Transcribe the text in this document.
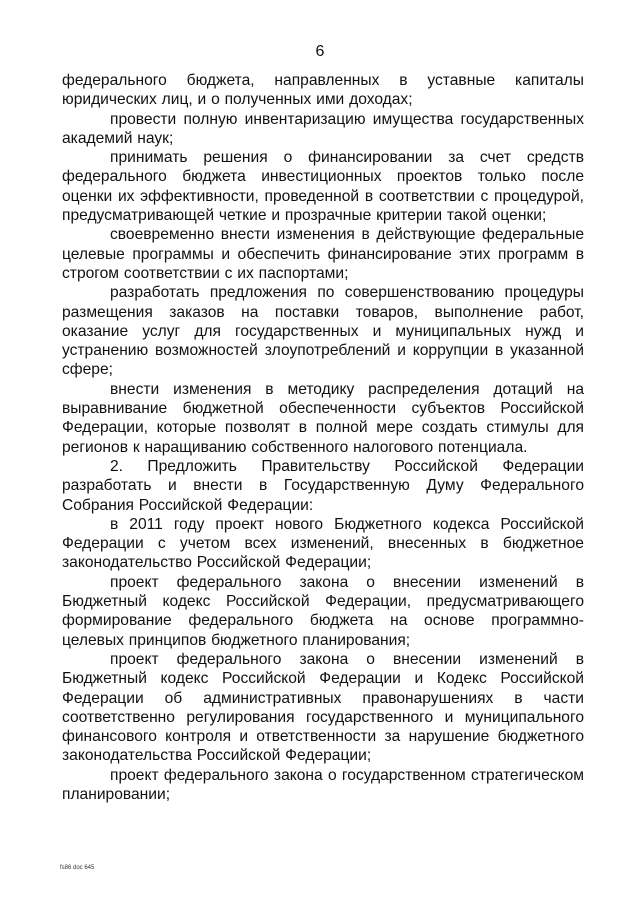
6

федерального бюджета, направленных в уставные капиталы юридических лиц, и о полученных ими доходах;

провести полную инвентаризацию имущества государственных академий наук;

принимать решения о финансировании за счет средств федерального бюджета инвестиционных проектов только после оценки их эффективности, проведенной в соответствии с процедурой, предусматривающей четкие и прозрачные критерии такой оценки;

своевременно внести изменения в действующие федеральные целевые программы и обеспечить финансирование этих программ в строгом соответствии с их паспортами;

разработать предложения по совершенствованию процедуры размещения заказов на поставки товаров, выполнение работ, оказание услуг для государственных и муниципальных нужд и устранению возможностей злоупотреблений и коррупции в указанной сфере;

внести изменения в методику распределения дотаций на выравнивание бюджетной обеспеченности субъектов Российской Федерации, которые позволят в полной мере создать стимулы для регионов к наращиванию собственного налогового потенциала.

2. Предложить Правительству Российской Федерации разработать и внести в Государственную Думу Федерального Собрания Российской Федерации:

в 2011 году проект нового Бюджетного кодекса Российской Федерации с учетом всех изменений, внесенных в бюджетное законодательство Российской Федерации;

проект федерального закона о внесении изменений в Бюджетный кодекс Российской Федерации, предусматривающего формирование федерального бюджета на основе программно-целевых принципов бюджетного планирования;

проект федерального закона о внесении изменений в Бюджетный кодекс Российской Федерации и Кодекс Российской Федерации об административных правонарушениях в части соответственно регулирования государственного и муниципального финансового контроля и ответственности за нарушение бюджетного законодательства Российской Федерации;

проект федерального закона о государственном стратегическом планировании;

fs86 doc 645
